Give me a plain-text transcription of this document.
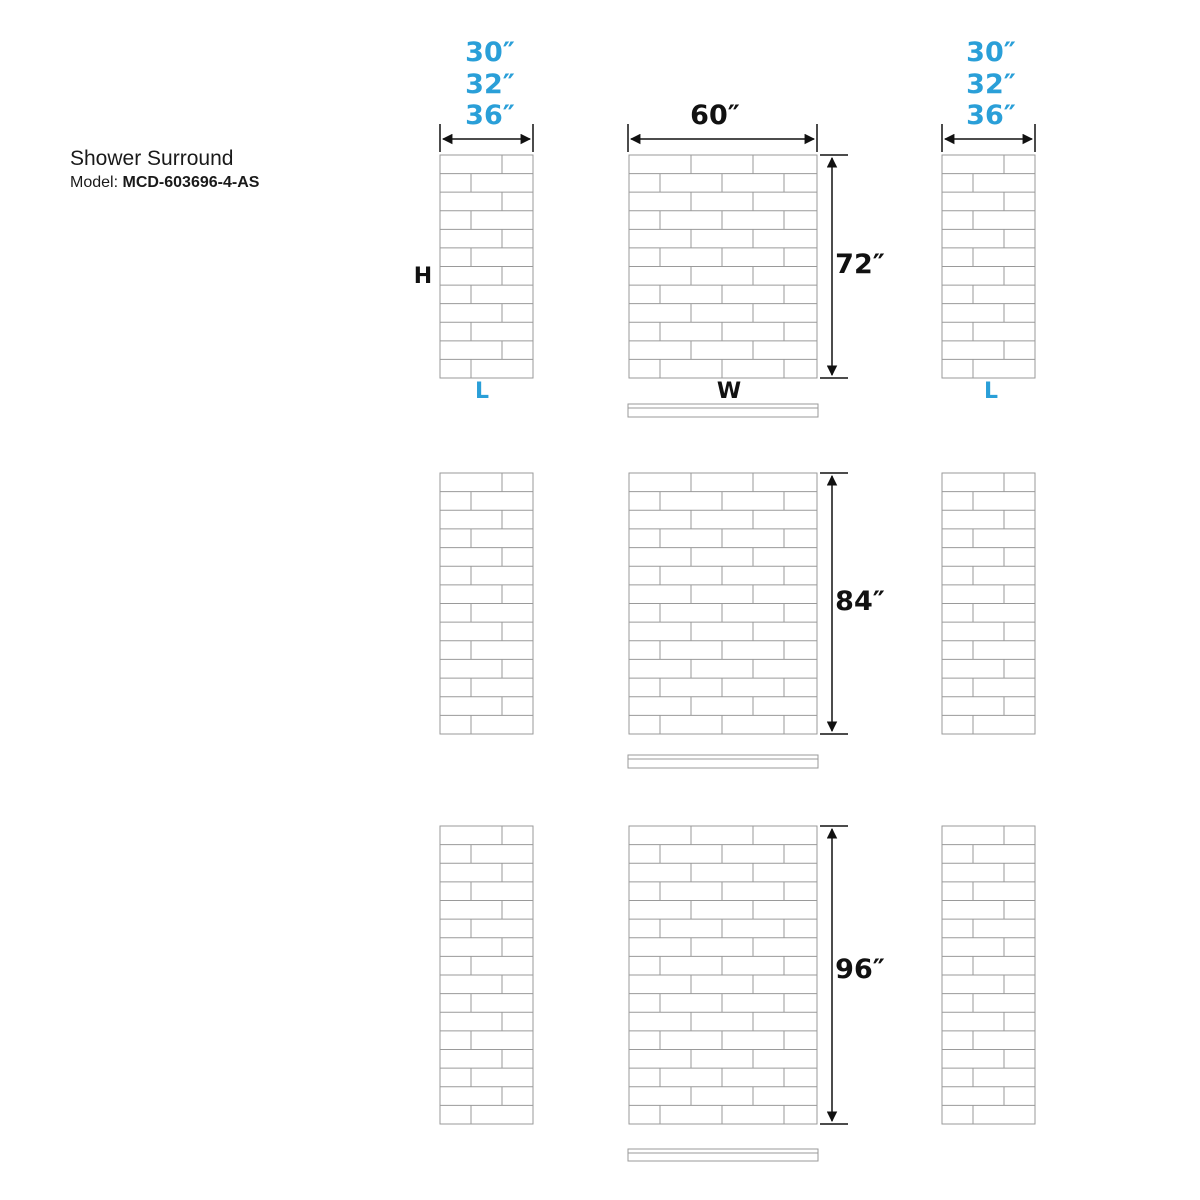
Shower Surround
Model: MCD-603696-4-AS
30″
32″
36″
30″
32″
36″
60″
H
L	W	L
72″
84″
96″
